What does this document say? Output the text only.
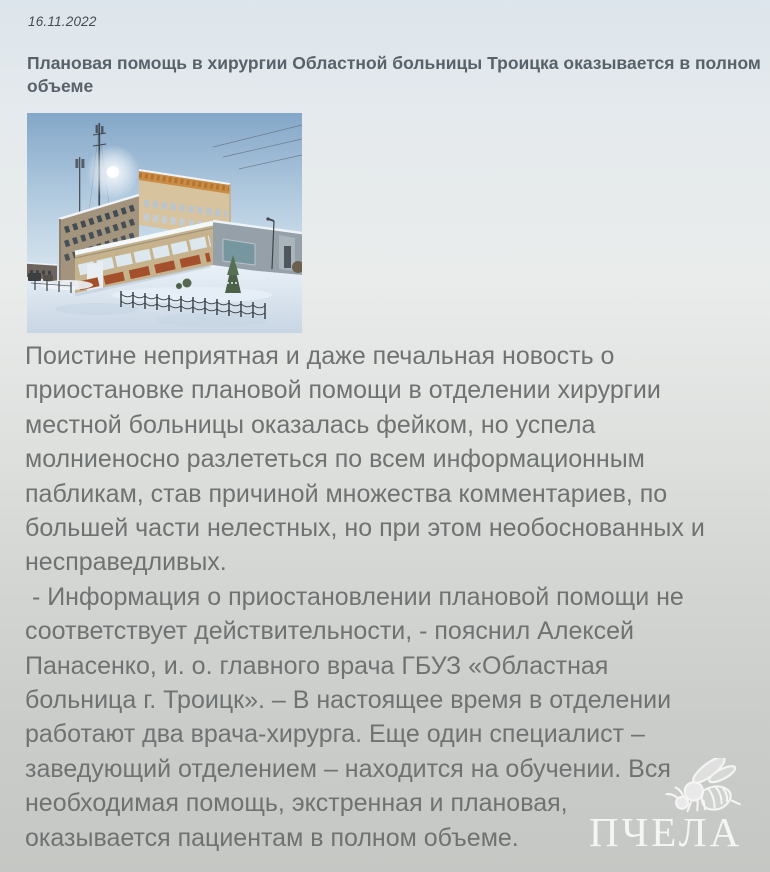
16.11.2022
Плановая помощь в хирургии Областной больницы Троицка оказывается в полном объеме
Поистине неприятная и даже печальная новость о
приостановке плановой помощи в отделении хирургии
местной больницы оказалась фейком, но успела
молниеносно разлететься по всем информационным
пабликам, став причиной множества комментариев, по
большей части нелестных, но при этом необоснованных и
несправедливых.
- Информация о приостановлении плановой помощи не
соответствует действительности, - пояснил Алексей
Панасенко, и. о. главного врача ГБУЗ «Областная
больница г. Троицк». – В настоящее время в отделении
работают два врача-хирурга. Еще один специалист –
заведующий отделением – находится на обучении. Вся
необходимая помощь, экстренная и плановая,
оказывается пациентам в полном объеме.	ПЧЕЛА
